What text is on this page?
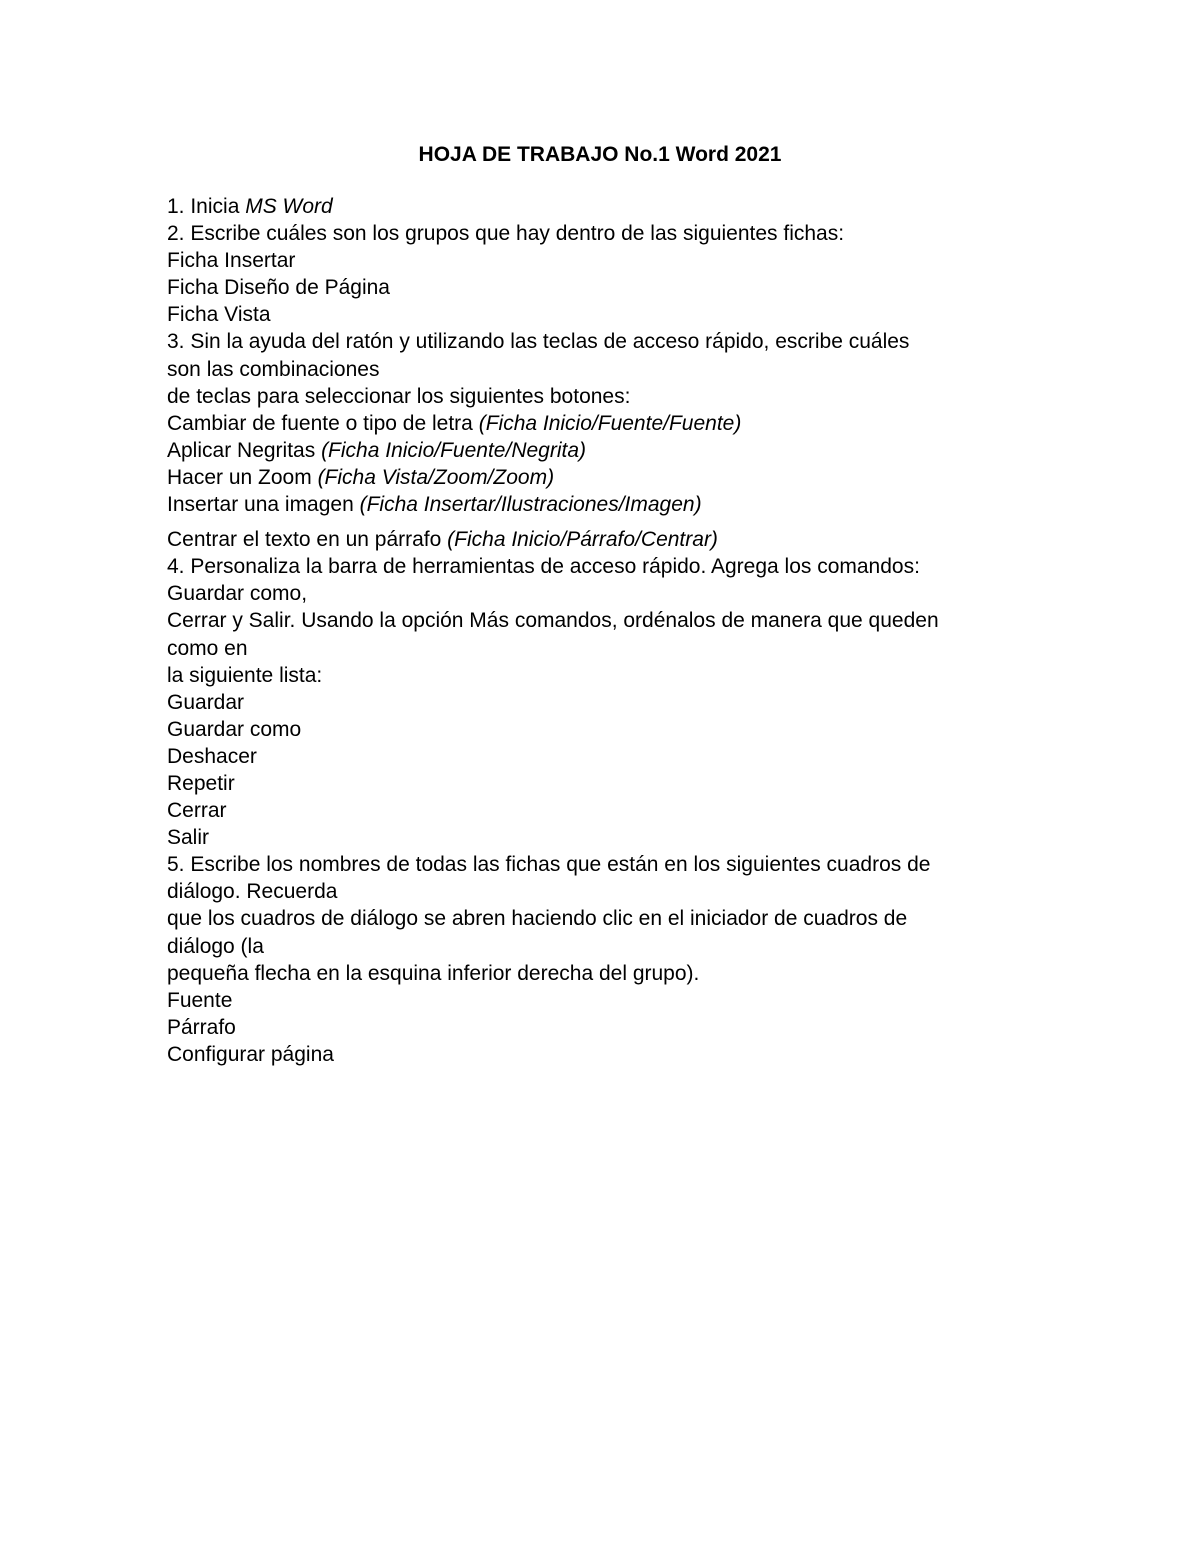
HOJA DE TRABAJO No.1 Word 2021
1. Inicia MS Word
2. Escribe cuáles son los grupos que hay dentro de las siguientes fichas:
Ficha Insertar
Ficha Diseño de Página
Ficha Vista
3. Sin la ayuda del ratón y utilizando las teclas de acceso rápido, escribe cuáles
son las combinaciones
de teclas para seleccionar los siguientes botones:
Cambiar de fuente o tipo de letra (Ficha Inicio/Fuente/Fuente)
Aplicar Negritas (Ficha Inicio/Fuente/Negrita)
Hacer un Zoom (Ficha Vista/Zoom/Zoom)
Insertar una imagen (Ficha Insertar/Ilustraciones/Imagen)
Centrar el texto en un párrafo (Ficha Inicio/Párrafo/Centrar)
4. Personaliza la barra de herramientas de acceso rápido. Agrega los comandos:
Guardar como,
Cerrar y Salir. Usando la opción Más comandos, ordénalos de manera que queden
como en
la siguiente lista:
Guardar
Guardar como
Deshacer
Repetir
Cerrar
Salir
5. Escribe los nombres de todas las fichas que están en los siguientes cuadros de
diálogo. Recuerda
que los cuadros de diálogo se abren haciendo clic en el iniciador de cuadros de
diálogo (la
pequeña flecha en la esquina inferior derecha del grupo).
Fuente
Párrafo
Configurar página
